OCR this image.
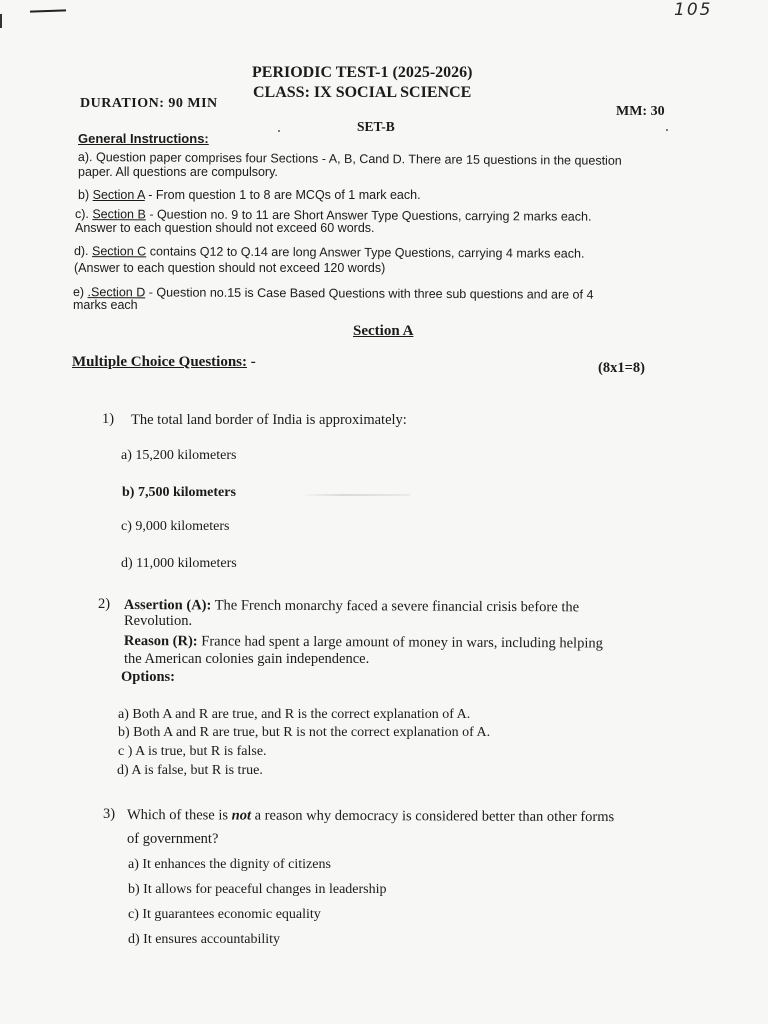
105
PERIODIC TEST-1 (2025-2026)
CLASS: IX SOCIAL SCIENCE
DURATION: 90 MIN
MM: 30
SET-B
General Instructions:
a). Question paper comprises four Sections - A, B, Cand D. There are 15 questions in the question
paper. All questions are compulsory.
b) Section A - From question 1 to 8 are MCQs of 1 mark each.
c). Section B - Question no. 9 to 11 are Short Answer Type Questions, carrying 2 marks each.
Answer to each question should not exceed 60 words.
d). Section C contains Q12 to Q.14 are long Answer Type Questions, carrying 4 marks each.
(Answer to each question should not exceed 120 words)
e) .Section D - Question no.15 is Case Based Questions with three sub questions and are of 4
marks each
Section A
Multiple Choice Questions: -	(8x1=8)
1) The total land border of India is approximately:
a) 15,200 kilometers
b) 7,500 kilometers
c) 9,000 kilometers
d) 11,000 kilometers
2) Assertion (A): The French monarchy faced a severe financial crisis before the
Revolution.
Reason (R): France had spent a large amount of money in wars, including helping
the American colonies gain independence.
Options:
a) Both A and R are true, and R is the correct explanation of A.
b) Both A and R are true, but R is not the correct explanation of A.
c ) A is true, but R is false.
d) A is false, but R is true.
3) Which of these is not a reason why democracy is considered better than other forms
of government?
a) It enhances the dignity of citizens
b) It allows for peaceful changes in leadership
c) It guarantees economic equality
d) It ensures accountability
